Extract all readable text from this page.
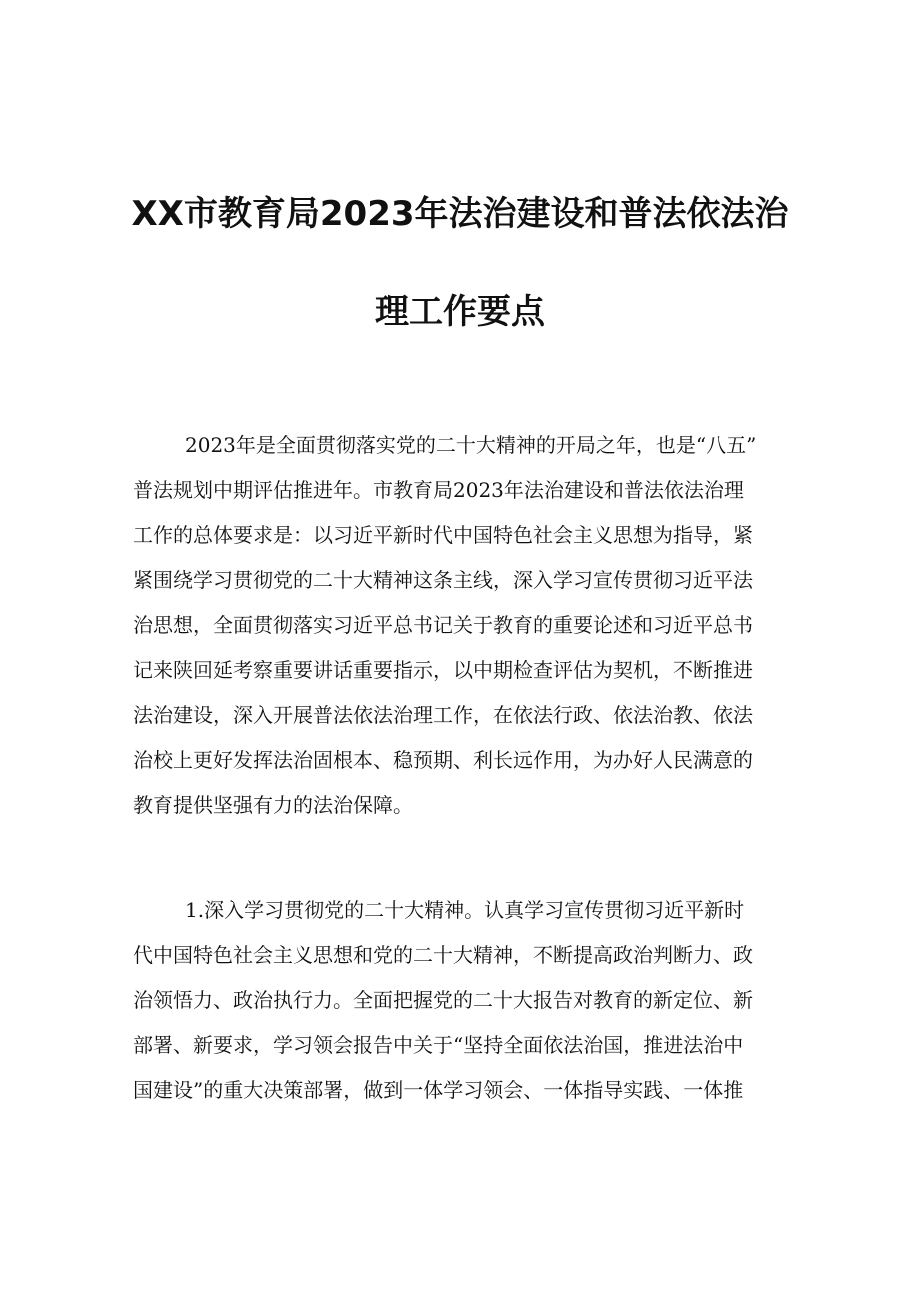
XX市教育局2023年法治建设和普法依法治
理工作要点
2023年是全面贯彻落实党的二十大精神的开局之年，也是“八五”
普法规划中期评估推进年。市教育局2023年法治建设和普法依法治理
工作的总体要求是：以习近平新时代中国特色社会主义思想为指导，紧
紧围绕学习贯彻党的二十大精神这条主线，深入学习宣传贯彻习近平法
治思想，全面贯彻落实习近平总书记关于教育的重要论述和习近平总书
记来陕回延考察重要讲话重要指示，以中期检查评估为契机，不断推进
法治建设，深入开展普法依法治理工作，在依法行政、依法治教、依法
治校上更好发挥法治固根本、稳预期、利长远作用，为办好人民满意的
教育提供坚强有力的法治保障。
1.深入学习贯彻党的二十大精神。认真学习宣传贯彻习近平新时
代中国特色社会主义思想和党的二十大精神，不断提高政治判断力、政
治领悟力、政治执行力。全面把握党的二十大报告对教育的新定位、新
部署、新要求，学习领会报告中关于“坚持全面依法治国，推进法治中
国建设”的重大决策部署，做到一体学习领会、一体指导实践、一体推
